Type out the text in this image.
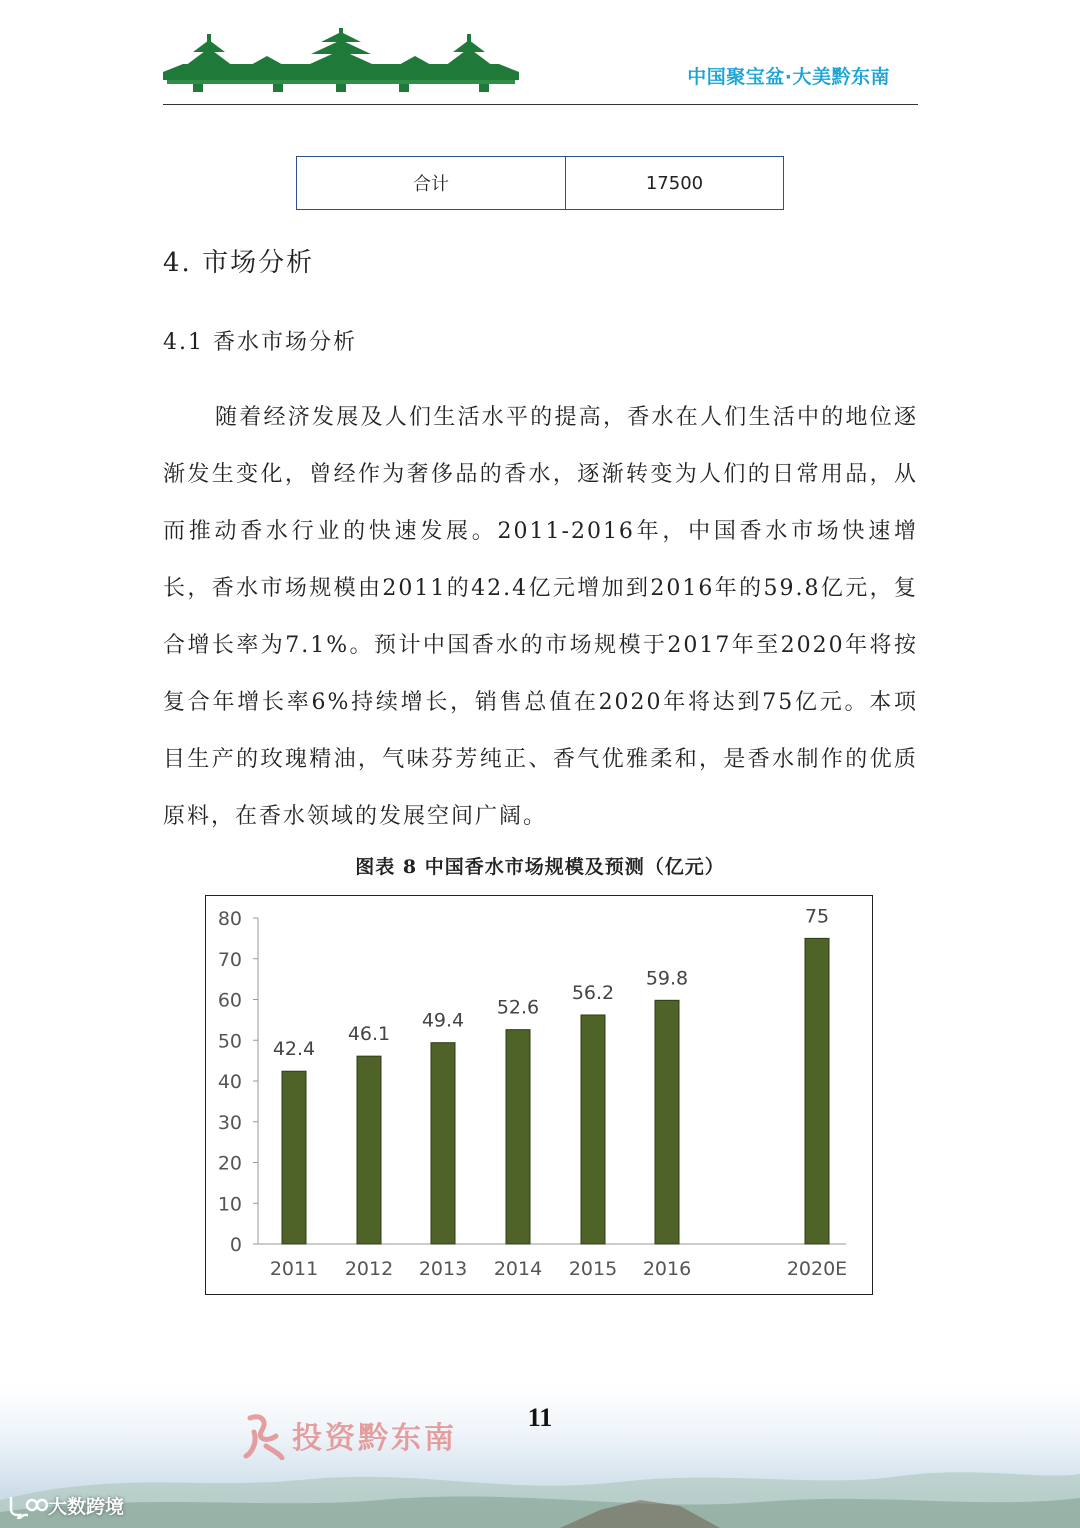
中国聚宝盆·大美黔东南
合计	17500
4. 市场分析
4.1 香水市场分析

随着经济发展及人们生活水平的提高，香水在人们生活中的地位逐渐发生变化，曾经作为奢侈品的香水，逐渐转变为人们的日常用品，从而推动香水行业的快速发展。2011-2016年，中国香水市场快速增长，香水市场规模由2011的42.4亿元增加到2016年的59.8亿元，复合增长率为7.1%。预计中国香水的市场规模于2017年至2020年将按复合年增长率6%持续增长，销售总值在2020年将达到75亿元。本项目生产的玫瑰精油，气味芬芳纯正、香气优雅柔和，是香水制作的优质原料，在香水领域的发展空间广阔。

图表 8 中国香水市场规模及预测（亿元）
0
10
20
30
40
50
60
70
80
42.4
2011
46.1
2012
49.4
2013
52.6
2014
56.2
2015
59.8
2016
75
2020E
投资黔东南
11
大数跨境
